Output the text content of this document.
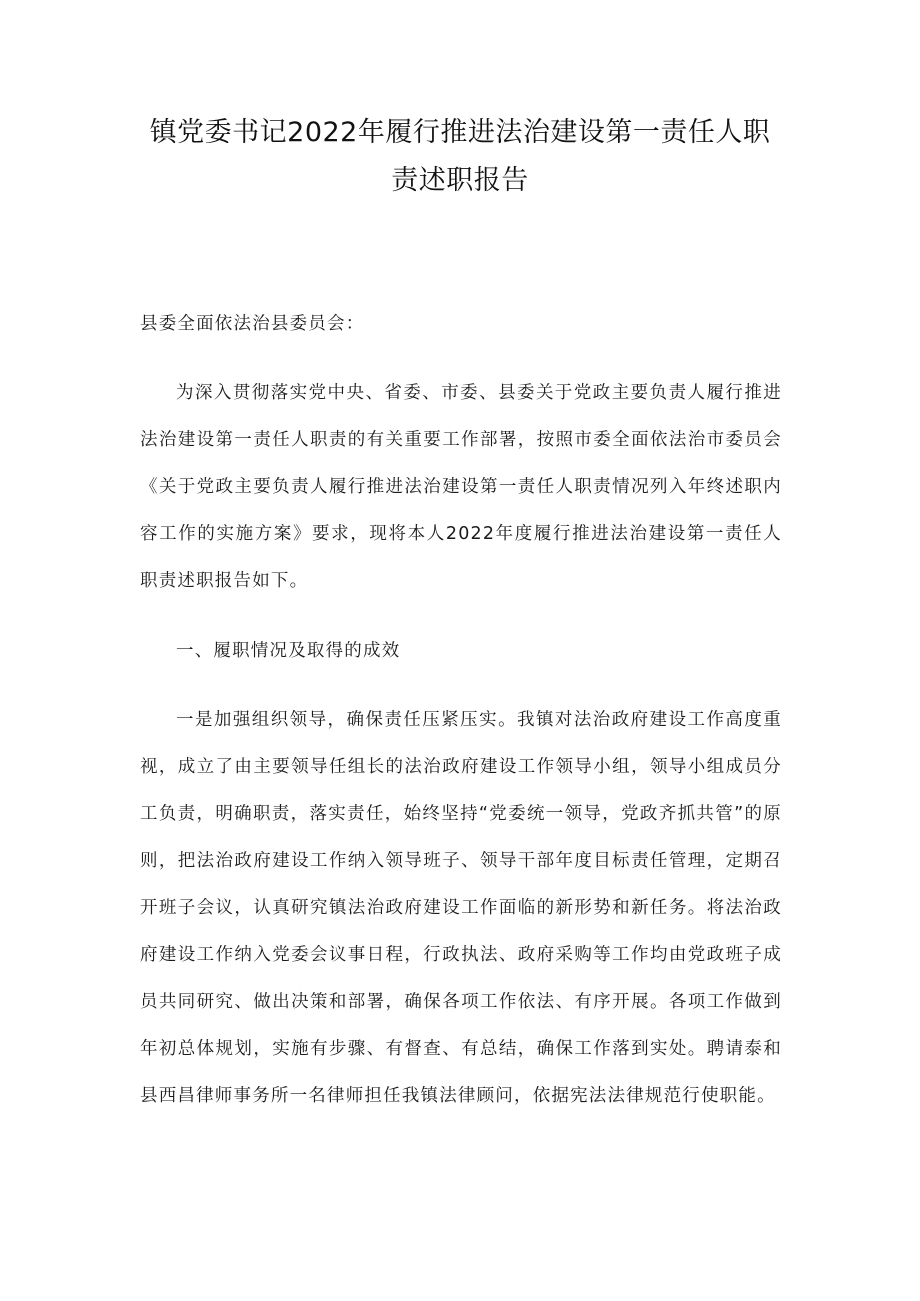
镇党委书记2022年履行推进法治建设第一责任人职
责述职报告
县委全面依法治县委员会：
为深入贯彻落实党中央、省委、市委、县委关于党政主要负责人履行推进法治建设第一责任人职责的有关重要工作部署，按照市委全面依法治市委员会《关于党政主要负责人履行推进法治建设第一责任人职责情况列入年终述职内容工作的实施方案》要求，现将本人2022年度履行推进法治建设第一责任人职责述职报告如下。
一、履职情况及取得的成效
一是加强组织领导，确保责任压紧压实。我镇对法治政府建设工作高度重视，成立了由主要领导任组长的法治政府建设工作领导小组，领导小组成员分工负责，明确职责，落实责任，始终坚持“党委统一领导，党政齐抓共管”的原则，把法治政府建设工作纳入领导班子、领导干部年度目标责任管理，定期召开班子会议，认真研究镇法治政府建设工作面临的新形势和新任务。将法治政府建设工作纳入党委会议事日程，行政执法、政府采购等工作均由党政班子成员共同研究、做出决策和部署，确保各项工作依法、有序开展。各项工作做到年初总体规划，实施有步骤、有督查、有总结，确保工作落到实处。聘请泰和县西昌律师事务所一名律师担任我镇法律顾问，依据宪法法律规范行使职能。
